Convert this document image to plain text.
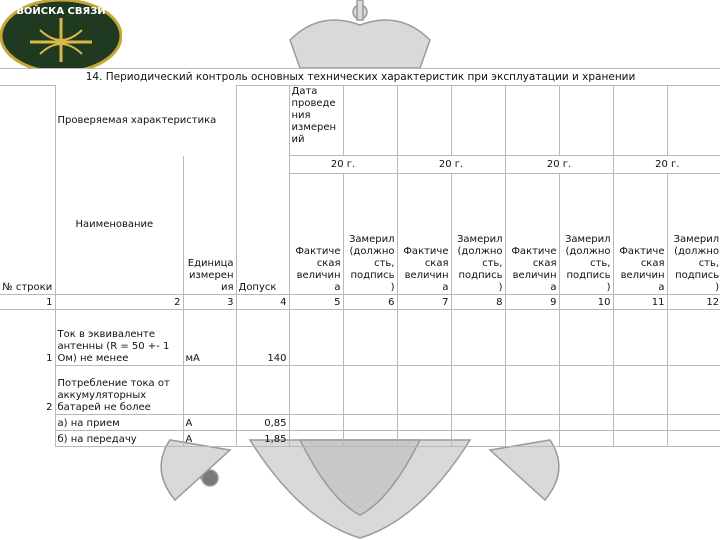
ВОЙСКА СВЯЗИ
14. Периодический контроль основных технических характеристик при эксплуатации и хранении											
№ строки	Проверяемая характеристика		Допуск	Дата проведе ния измерен ий							
	Наименование	Единица измерен ия		20 г.		20 г.		20 г.		20 г.	
				Фактиче ская величин а	Замерил (должно сть, подпись )	Фактиче ская величин а	Замерил (должно сть, подпись )	Фактиче ская величин а	Замерил (должно сть, подпись )	Фактиче ская величин а	Замерил (должно сть, подпись )
1	2	3	4	5	6	7	8	9	10	11	12

1	Ток в эквиваленте антенны (R = 50 +- 1 Ом) не менее	мА	140								
2	Потребление тока от аккумуляторных батарей не более										
	а) на прием	А	0,85								
	б) на передачу	А	1,85								
